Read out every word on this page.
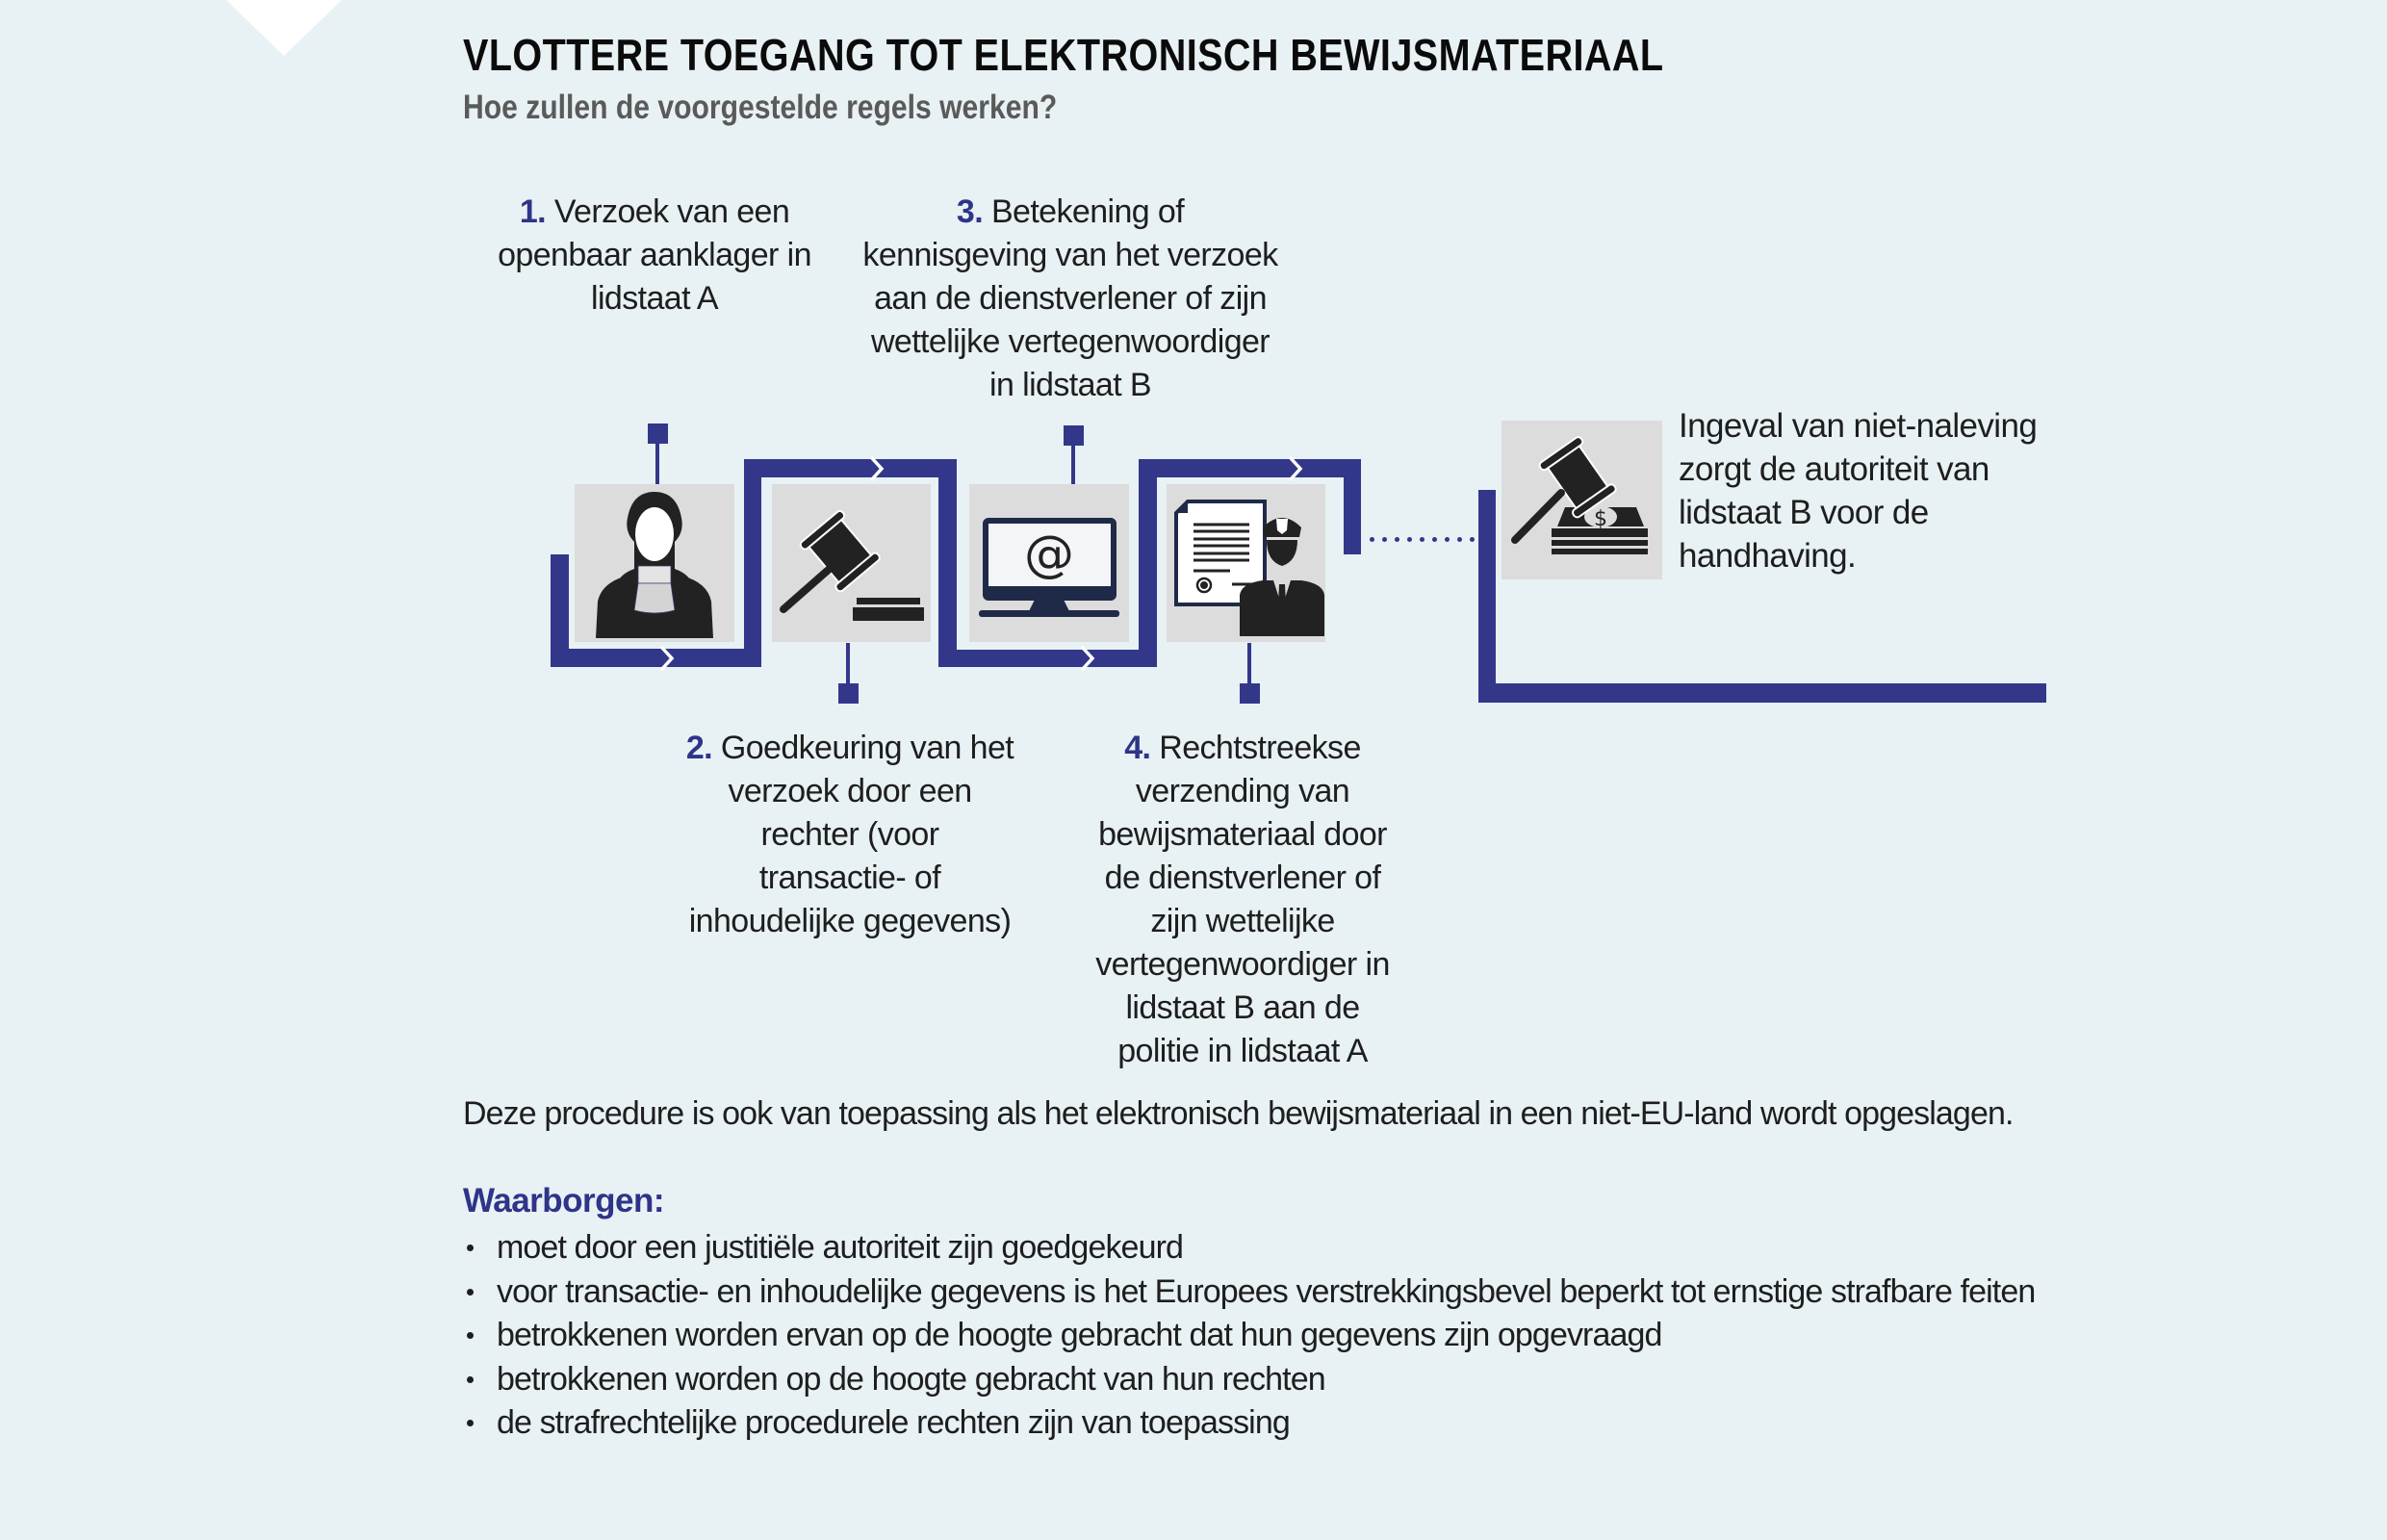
VLOTTERE TOEGANG TOT ELEKTRONISCH BEWIJSMATERIAAL
Hoe zullen de voorgestelde regels werken?
1. Verzoek van een
openbaar aanklager in
lidstaat A
3. Betekening of
kennisgeving van het verzoek
aan de dienstverlener of zijn
wettelijke vertegenwoordiger
in lidstaat B
2. Goedkeuring van het
verzoek door een
rechter (voor
transactie- of
inhoudelijke gegevens)
4. Rechtstreekse
verzending van
bewijsmateriaal door
de dienstverlener of
zijn wettelijke
vertegenwoordiger in
lidstaat B aan de
politie in lidstaat A
@
$
Ingeval van niet-naleving
zorgt de autoriteit van
lidstaat B voor de
handhaving.
Deze procedure is ook van toepassing als het elektronisch bewijsmateriaal in een niet-EU-land wordt opgeslagen.
Waarborgen:
moet door een justitiële autoriteit zijn goedgekeurd
voor transactie- en inhoudelijke gegevens is het Europees verstrekkingsbevel beperkt tot ernstige strafbare feiten
betrokkenen worden ervan op de hoogte gebracht dat hun gegevens zijn opgevraagd
betrokkenen worden op de hoogte gebracht van hun rechten
de strafrechtelijke procedurele rechten zijn van toepassing
